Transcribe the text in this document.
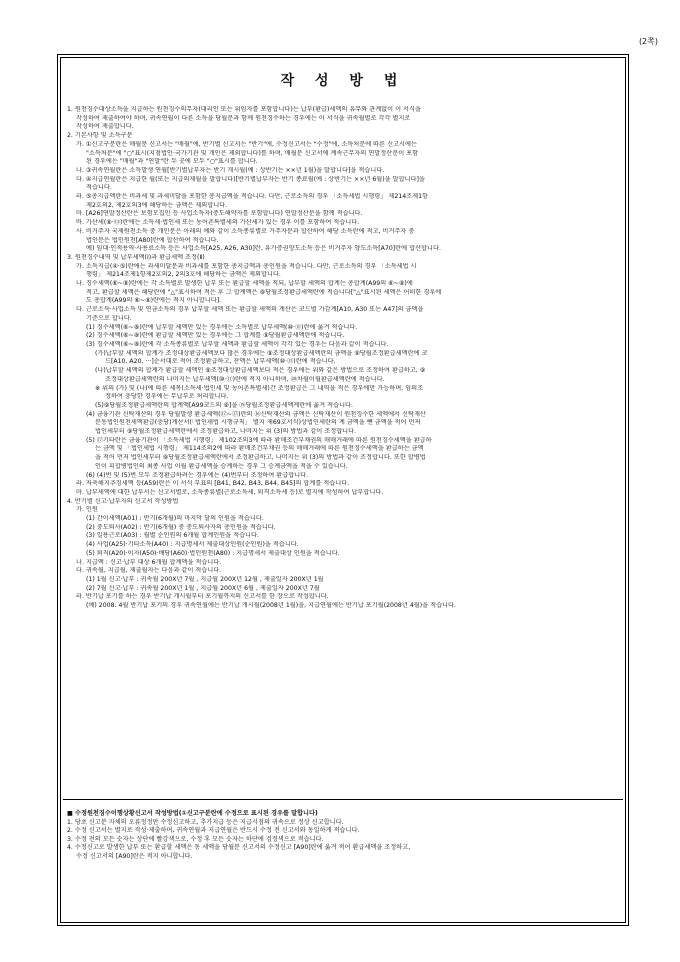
(2쪽)
작 성 방 법
1. 원천징수대상소득을 지급하는 원천징수의무자(대리인 또는 위임자를 포함합니다)는 납부(환급)세액의 유무와 관계없이 이 서식을
작성하여 제출하여야 하며, 귀속연월이 다른 소득을 당월분과 함께 원천징수하는 경우에는 이 서식을 귀속월별로 각각 별지로
작성하여 제출합니다.
2. 기본사항 및 소득구분
가. ①신고구분란은 매월분 신고서는 "매월"에, 반기별 신고서는 "반기"에, 수정신고서는 "수정"에, 소득처분에 따른 신고시에는
"소득처분"에 "○"표시(지점법인·국가기관 및 개인은 제외합니다)를 하며, 매월분 신고서에 계속근무자의 연말정산분이 포함
된 경우에는 "매월"과 "연말"란 두 곳에 모두 "○"표시를 합니다.
나. ③귀속연월란은 소득발생 연월[반기별납부자는 반기 개시월(예 : 상반기는 ××년 1월)을 말합니다]을 적습니다.
다. ④지급연월란은 지급한 월(또는 지급의제월을 말합니다)[반기별납부자는 반기 종료월(예 : 상반기는 ××년 6월)을 말합니다]을
적습니다.
라. ⑤총지급액란은 비과세 및 과세미달을 포함한 총지급액을 적습니다. 다만, 근로소득의 경우 「소득세법 시행령」 제214조제1항
제2호의2, 제2호의3에 해당하는 금액은 제외합니다.
마. [A26]연말정산란은 보험모집인 등 사업소득자(중도해약자를 포함합니다) 연말정산분을 함께 적습니다.
바. 가산세(⑧·⑬)란에는 소득세·법인세 또는 농어촌특별세의 가산세가 있는 경우 이를 포함하여 적습니다.
사. 비거주자 국제원천소득 중 개인분은 아래의 예와 같이 소득종류별로 거주자분과 합산하여 해당 소득란에 적고, 비거주자 중
법인분은 법인원천[A80]란에 합산하여 적습니다.
예) 임대·인적용역·사용료소득 등은 사업소득[A25, A26, A30]란, 유가증권양도소득 등은 비거주자 양도소득[A70]란에 합산합니다.
3. 원천징수내역 및 납부세액(Ⅰ)과 환급세액 조정(Ⅱ)
가. 소득지급(④·⑤)란에는 과세미달분과 비과세를 포함한 총지급액과 총인원을 적습니다. 다만, 근로소득의 경우 「소득세법 시
행령」 제214조제1항제2호의2, 2의3호에 해당하는 금액은 제외합니다.
나. 징수세액(⑥~⑧)란에는 각 소득별로 발생한 납부 또는 환급할 세액을 적되, 납부할 세액의 합계는 총합계(A99의 ⑥~⑧)에
적고, 환급할 세액은 해당란에 "△"표시하여 적은 후 그 합계액은 ⑨당월조정환급세액란에 적습니다["△"표시된 세액은 어떠한 경우에
도 총합계(A99의 ⑥~⑧)란에는 적지 아니합니다].
다. 근로소득·사업소득 및 연금소득의 경우 납부할 세액 또는 환급할 세액의 계산은 코드별 가감계[A10, A30 또는 A47]의 금액을
기준으로 합니다.
(1) 징수세액(⑥~⑧)란에 납부할 세액만 있는 경우에는 소득별로 납부세액(⑩·⑪)란에 옮겨 적습니다.
(2) 징수세액(⑥~⑧)란에 환급할 세액만 있는 경우에는 그 합계를 ⑨당월환급세액란에 적습니다.
(3) 징수세액(⑥~⑧)란에 각 소득종류별로 납부할 세액과 환급할 세액이 각각 있는 경우는 다음과 같이 적습니다.
(가)납부할 세액의 합계가 조정대상환급세액보다 많은 경우에는 ⑨조정대상환급세액란의 금액을 ⑨당월조정환급세액란에 코
드[A10, A20, ···]순서대로 적어 조정환급하고, 잔액은 납부세액(⑩·⑪)란에 적습니다.
(나)납부할 세액의 합계가 환급할 세액인 ⑨조정대상환급세액보다 적은 경우에는 위와 같은 방법으로 조정하여 환급하고, ⑨
조정대상환급세액란의 나머지는 납부세액(⑩·⑪)란에 적지 아니하며, ⑳차월이월환급세액란에 적습니다.
※ 위의 (가) 및 (나)에 따른 세목(소득세·법인세 및 농어촌특별세)간 조정환급은 그 내역을 적은 경우에만 가능하며, 임의조
정하여 충당한 경우에는 무납부로 처리합니다.
(5)⑨당월조정환급세액란의 합계액[A99코드의 ⑨]을 ⑲당월조정환급세액계란에 옮겨 적습니다.
(4) 금융기관 신탁재산의 경우 당월발생 환급세액(⑰~⑰)란의 ⑯신탁재산의 금액은 신탁재산이 원천징수한 세액에서 신탁재산
분동법인원천세액환급(충당)계산서(「법인세법 시행규칙」 별지 제69호서식)상법인세란의 계 금액을 뺀 금액을 적어 먼저
법인세부터 ⑨당월조정환급세액란에서 조정환급하고, 나머지는 위 (3)의 방법과 같이 조정합니다.
(5) ⑰기타란은 금융기관이 「소득세법 시행령」 제102조의3에 따라 환매조건부채권의 매매거래에 따른 원천징수세액을 환급하
는 금액 및 「법인세법 시행령」 제114조의2에 따라 환매조건부채권 등의 매매거래에 따른 원천징수세액을 환급하는 금액
을 적어 먼저 법인세부터 ⑨당월조정환급세액란에서 조정환급하고, 나머지는 위 (3)의 방법과 같이 조정합니다. 또한 합병법
인이 피합병법인의 최종 사업 이월 환급세액을 승계하는 경우 그 승계금액을 적을 수 있습니다.
(6) (4)번 및 (5)번 모두 조정환급하려는 경우에는 (4)번부터 조정하여 환급합니다.
라. 저축해지추징세액 등(A59)란은 이 서식 부표의 [B41, B42, B43, B44, B45]의 합계를 적습니다.
마. 납부세액에 대한 납부서는 신고서별로, 소득종류별(근로소득세, 퇴직소득세 등)로 별지에 작성하여 납부합니다.
4. 반기별 신고·납부자의 신고서 작성방법
가. 인원
(1) 간이세액(A01) : 반기(6개월)의 마지막 달의 인원을 적습니다.
(2) 중도퇴사(A02) : 반기(6개월) 중 중도퇴사자의 총인원을 적습니다.
(3) 일용근로(A03) : 월별 순인원의 6개월 합계인원을 적습니다.
(4) 사업(A25)·기타소득(A40) : 지급명세서 제출대상인원(순인원)을 적습니다.
(5) 퇴직(A20)·이자(A50)·배당(A60)·법인원천(A80) : 지급명세서 제출대상 인원을 적습니다.
나. 지급액 : 신고·납부 대상 6개월 합계액을 적습니다.
다. 귀속월, 지급월, 제출월자는 다음과 같이 적습니다.
(1) 1월 신고·납부 : 귀속월 200X년 7월 , 지급월 200X년 12월 , 제출일자 200X년 1월
(2) 7월 신고·납부 : 귀속월 200X년 1월 , 지급월 200X년 6월 , 제출일자 200X년 7월
라. 반기납 포기를 하는 경우 반기납 개시월부터 포기월까지의 신고서를 한 장으로 작성합니다.
(예) 2008. 4월 반기납 포기의 경우 귀속연월에는 반기납 개시월(2008년 1월)을, 지급연월에는 반기납 포기월(2008년 4월)을 적습니다.
■ 수정원천징수이행상황신고서 작성방법(①신고구분란에 수정으로 표시된 경우를 말합니다)
1. 당초 신고분 자체의 오류정정만 수정신고하고, 추가지급 등은 지급시점의 귀속으로 정상 신고합니다.
2. 수정 신고서는 별지로 작성·제출하며, 귀속연월과 지급연월은 반드시 수정 전 신고서와 동일하게 적습니다.
3. 수정 전의 모든 숫자는 상단에 빨강색으로, 수정 후 모든 숫자는 하단에 검정색으로 적습니다.
4. 수정신고로 발생한 납부 또는 환급할 세액은 동 세액을 당월분 신고서의 수정신고 [A90]란에 옮겨 적어 환급세액을 조정하고,
수정 신고서의 [A90]란은 적지 아니합니다.
